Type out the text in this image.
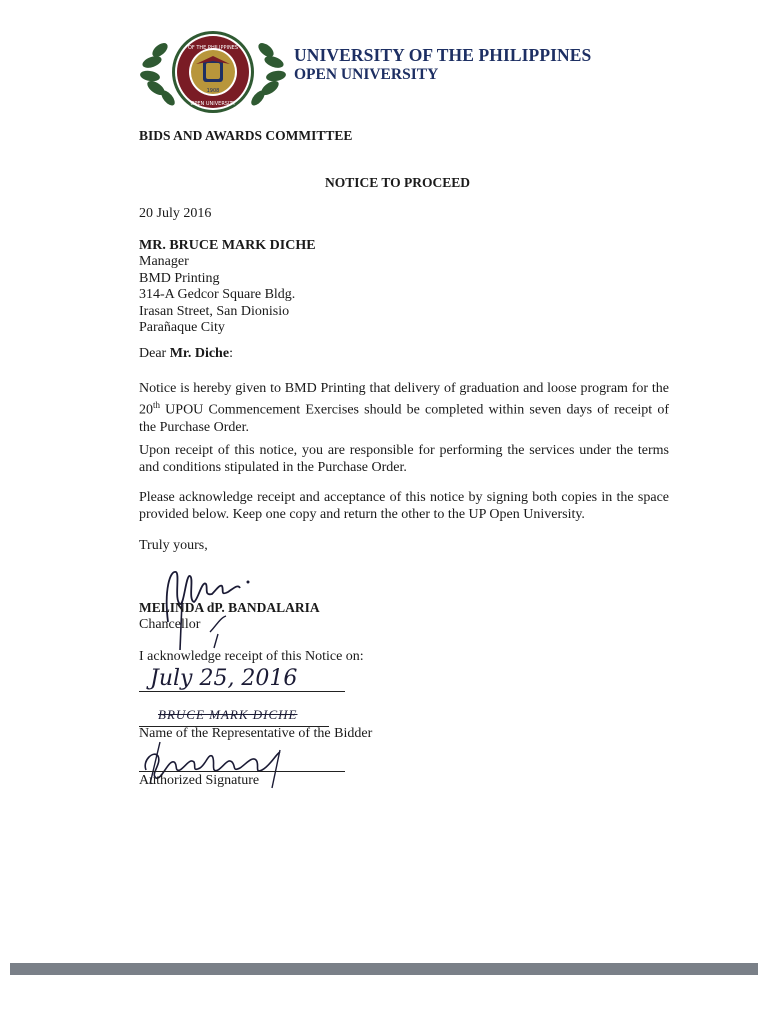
OF THE PHILIPPINES
1908
OPEN UNIVERSITY
UNIVERSITY OF THE PHILIPPINES
OPEN UNIVERSITY
BIDS AND AWARDS COMMITTEE
NOTICE TO PROCEED
20 July 2016
MR. BRUCE MARK DICHE
Manager
BMD Printing
314-A Gedcor Square Bldg.
Irasan Street, San Dionisio
Parañaque City
Dear Mr. Diche:
Notice is hereby given to BMD Printing that delivery of graduation and loose program for the 20th UPOU Commencement Exercises should be completed within seven days of receipt of the Purchase Order.
Upon receipt of this notice, you are responsible for performing the services under the terms and conditions stipulated in the Purchase Order.
Please acknowledge receipt and acceptance of this notice by signing both copies in the space provided below. Keep one copy and return the other to the UP Open University.
Truly yours,
MELINDA dP. BANDALARIA
Chancellor
I acknowledge receipt of this Notice on:
July 25, 2016
BRUCE MARK DICHE
Name of the Representative of the Bidder
Authorized Signature
